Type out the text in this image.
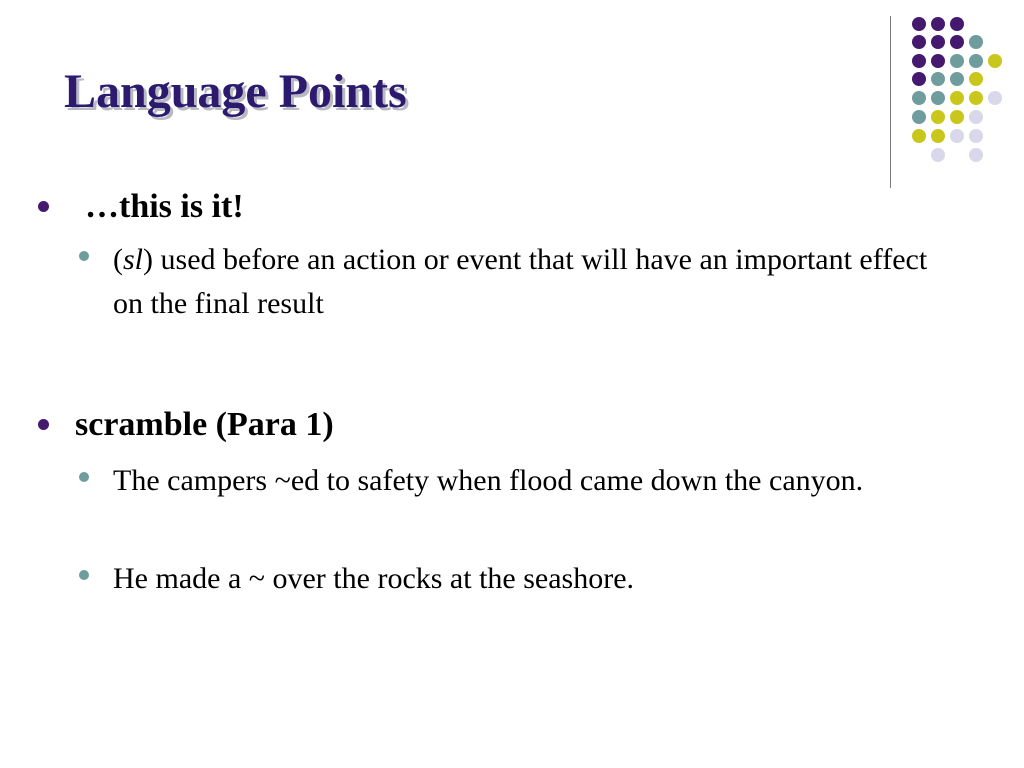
Language Points
…this is it!
(sl) used before an action or event that will have an important effect on the final result
scramble (Para 1)
The campers ~ed to safety when flood came down the canyon.
He made a ~ over the rocks at the seashore.
